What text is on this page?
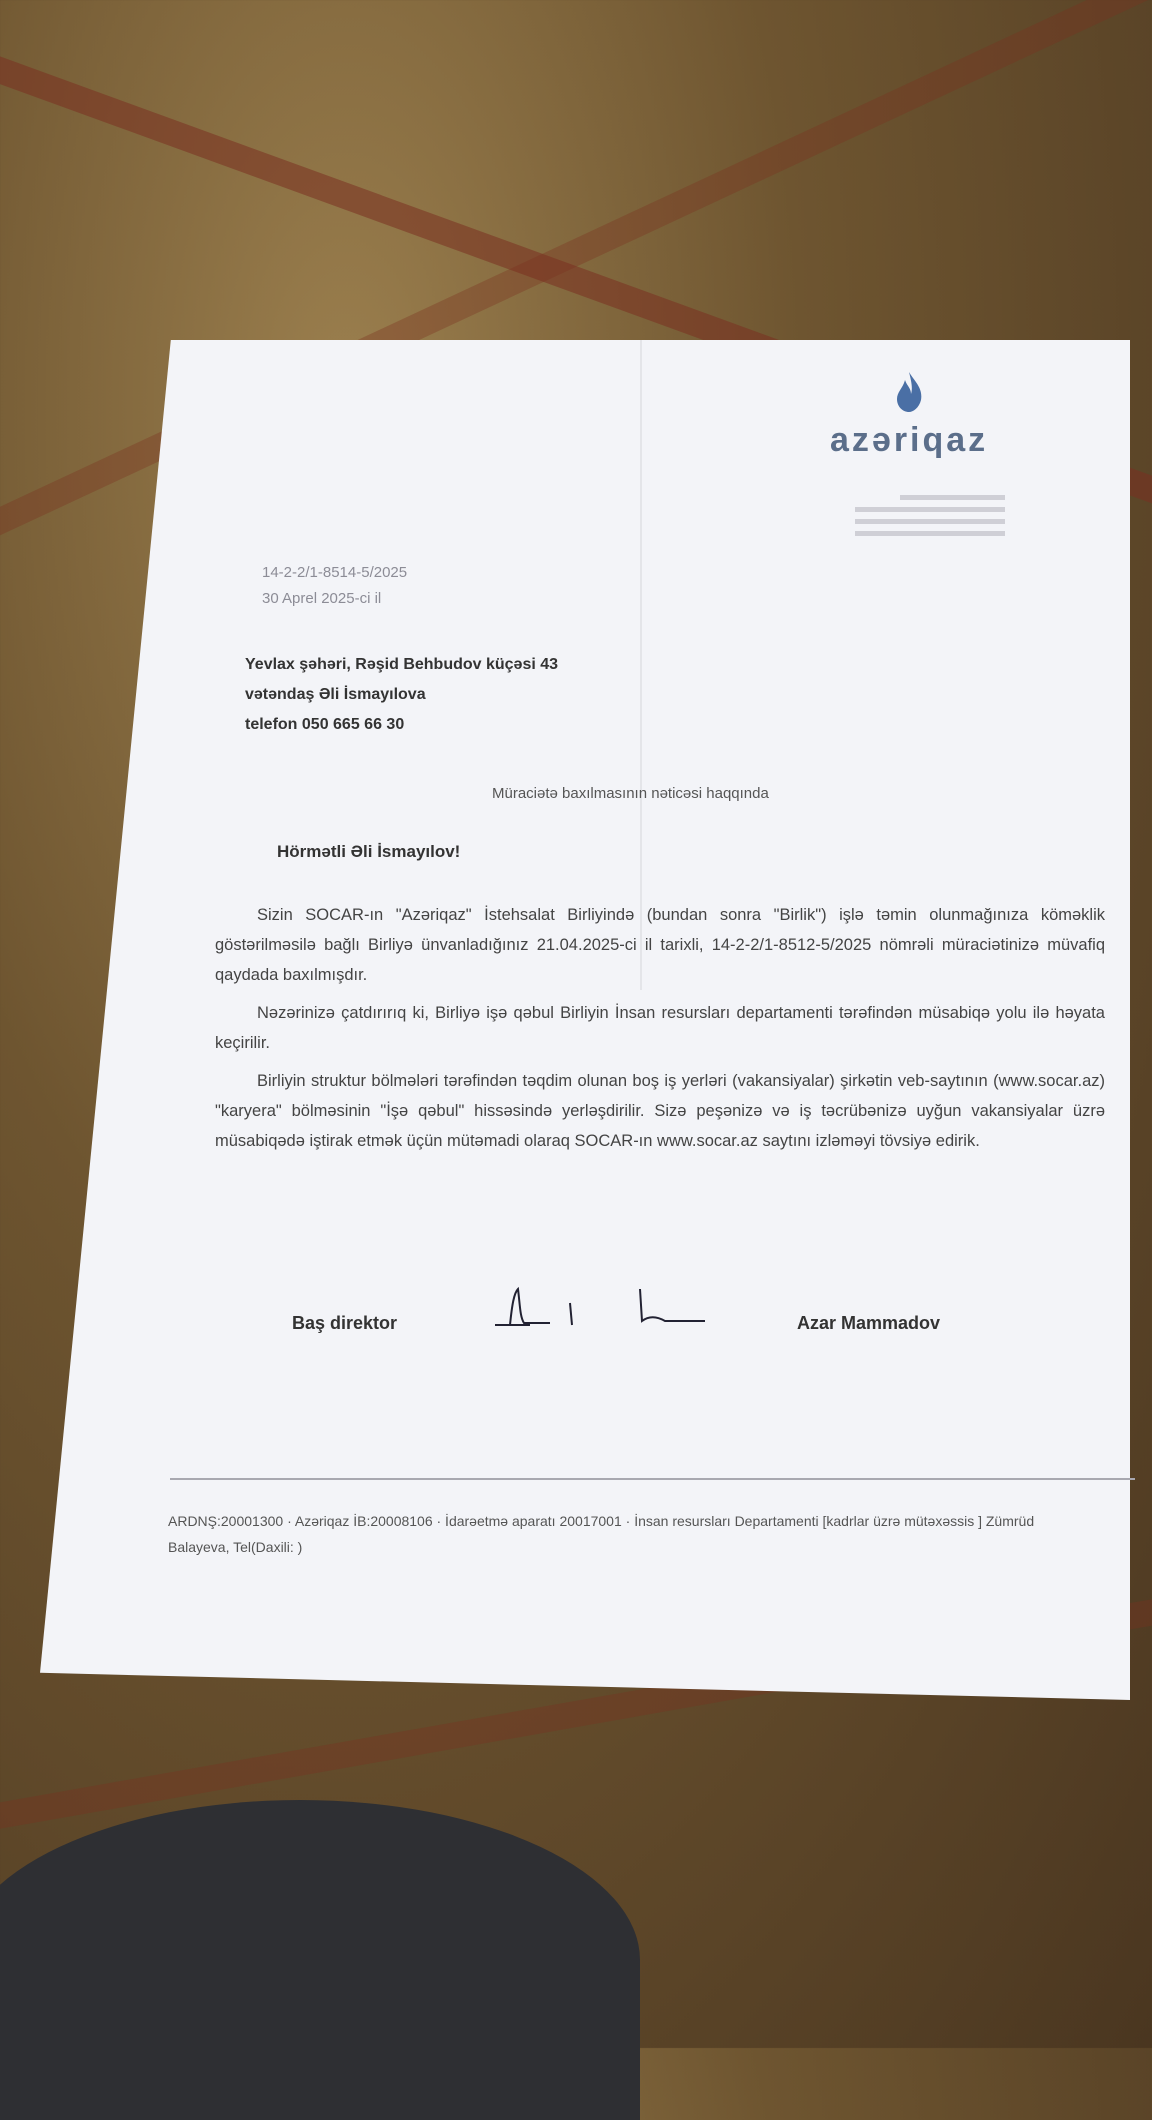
azəriqaz
14-2-2/1-8514-5/2025
30 Aprel 2025-ci il
Yevlax şəhəri, Rəşid Behbudov küçəsi 43
vətəndaş Əli İsmayılova
telefon 050 665 66 30
Müraciətə baxılmasının nəticəsi haqqında
Hörmətli Əli İsmayılov!

Sizin SOCAR-ın "Azəriqaz" İstehsalat Birliyində (bundan sonra "Birlik") işlə təmin olunmağınıza köməklik göstərilməsilə bağlı Birliyə ünvanladığınız 21.04.2025-ci il tarixli, 14-2-2/1-8512-5/2025 nömrəli müraciətinizə müvafiq qaydada baxılmışdır.

Nəzərinizə çatdırırıq ki, Birliyə işə qəbul Birliyin İnsan resursları departamenti tərəfindən müsabiqə yolu ilə həyata keçirilir.

Birliyin struktur bölmələri tərəfindən təqdim olunan boş iş yerləri (vakansiyalar) şirkətin veb-saytının (www.socar.az) "karyera" bölməsinin "İşə qəbul" hissəsində yerləşdirilir. Sizə peşənizə və iş təcrübənizə uyğun vakansiyalar üzrə müsabiqədə iştirak etmək üçün mütəmadi olaraq SOCAR-ın www.socar.az saytını izləməyi tövsiyə edirik.

Baş direktor	Azar Mammadov
ARDNŞ:20001300 · Azəriqaz İB:20008106 · İdarəetmə aparatı 20017001 · İnsan resursları Departamenti [kadrlar üzrə mütəxəssis ] Zümrüd Balayeva, Tel(Daxili: )
